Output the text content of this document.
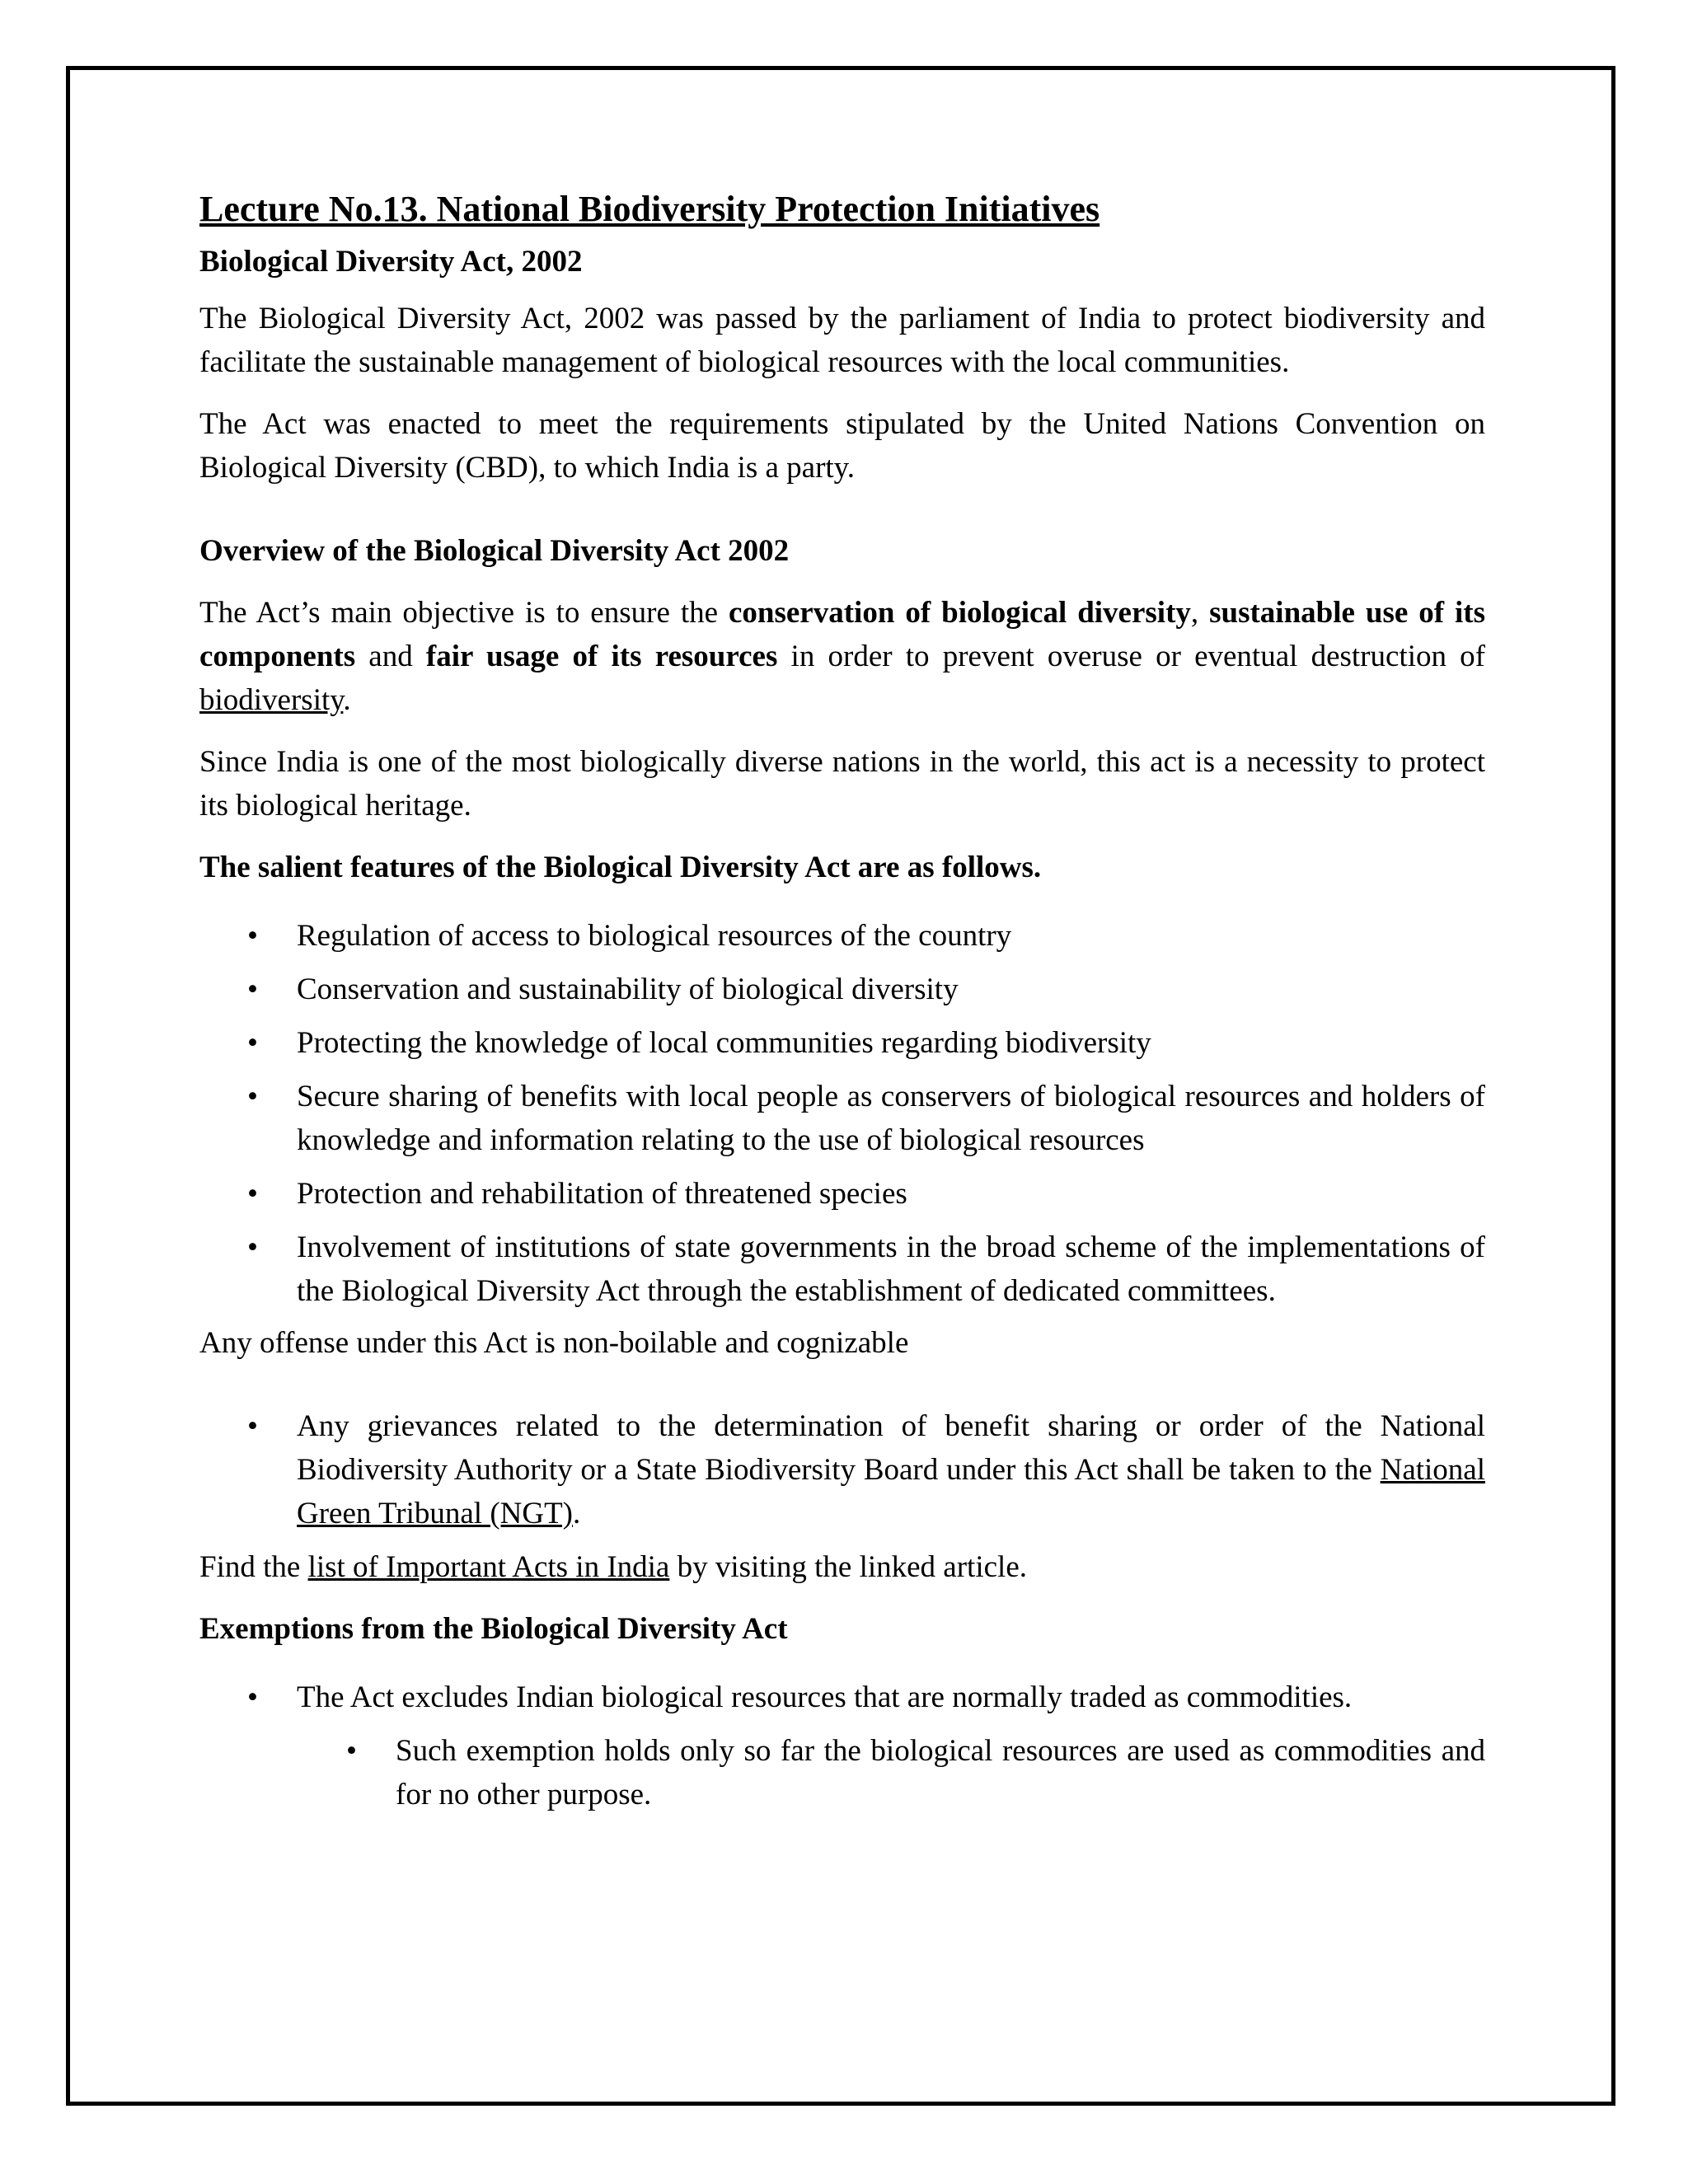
Lecture No.13. National Biodiversity Protection Initiatives

Biological Diversity Act, 2002

The Biological Diversity Act, 2002 was passed by the parliament of India to protect biodiversity and facilitate the sustainable management of biological resources with the local communities.

The Act was enacted to meet the requirements stipulated by the United Nations Convention on Biological Diversity (CBD), to which India is a party.

Overview of the Biological Diversity Act 2002

The Act’s main objective is to ensure the conservation of biological diversity, sustainable use of its components and fair usage of its resources in order to prevent overuse or eventual destruction of biodiversity.

Since India is one of the most biologically diverse nations in the world, this act is a necessity to protect its biological heritage.

The salient features of the Biological Diversity Act are as follows.

• Regulation of access to biological resources of the country
• Conservation and sustainability of biological diversity
• Protecting the knowledge of local communities regarding biodiversity
• Secure sharing of benefits with local people as conservers of biological resources and holders of knowledge and information relating to the use of biological resources
• Protection and rehabilitation of threatened species
• Involvement of institutions of state governments in the broad scheme of the implementations of the Biological Diversity Act through the establishment of dedicated committees.

Any offense under this Act is non-boilable and cognizable

• Any grievances related to the determination of benefit sharing or order of the National Biodiversity Authority or a State Biodiversity Board under this Act shall be taken to the National Green Tribunal (NGT).

Find the list of Important Acts in India by visiting the linked article.

Exemptions from the Biological Diversity Act

• The Act excludes Indian biological resources that are normally traded as commodities.
• Such exemption holds only so far the biological resources are used as commodities and for no other purpose.
